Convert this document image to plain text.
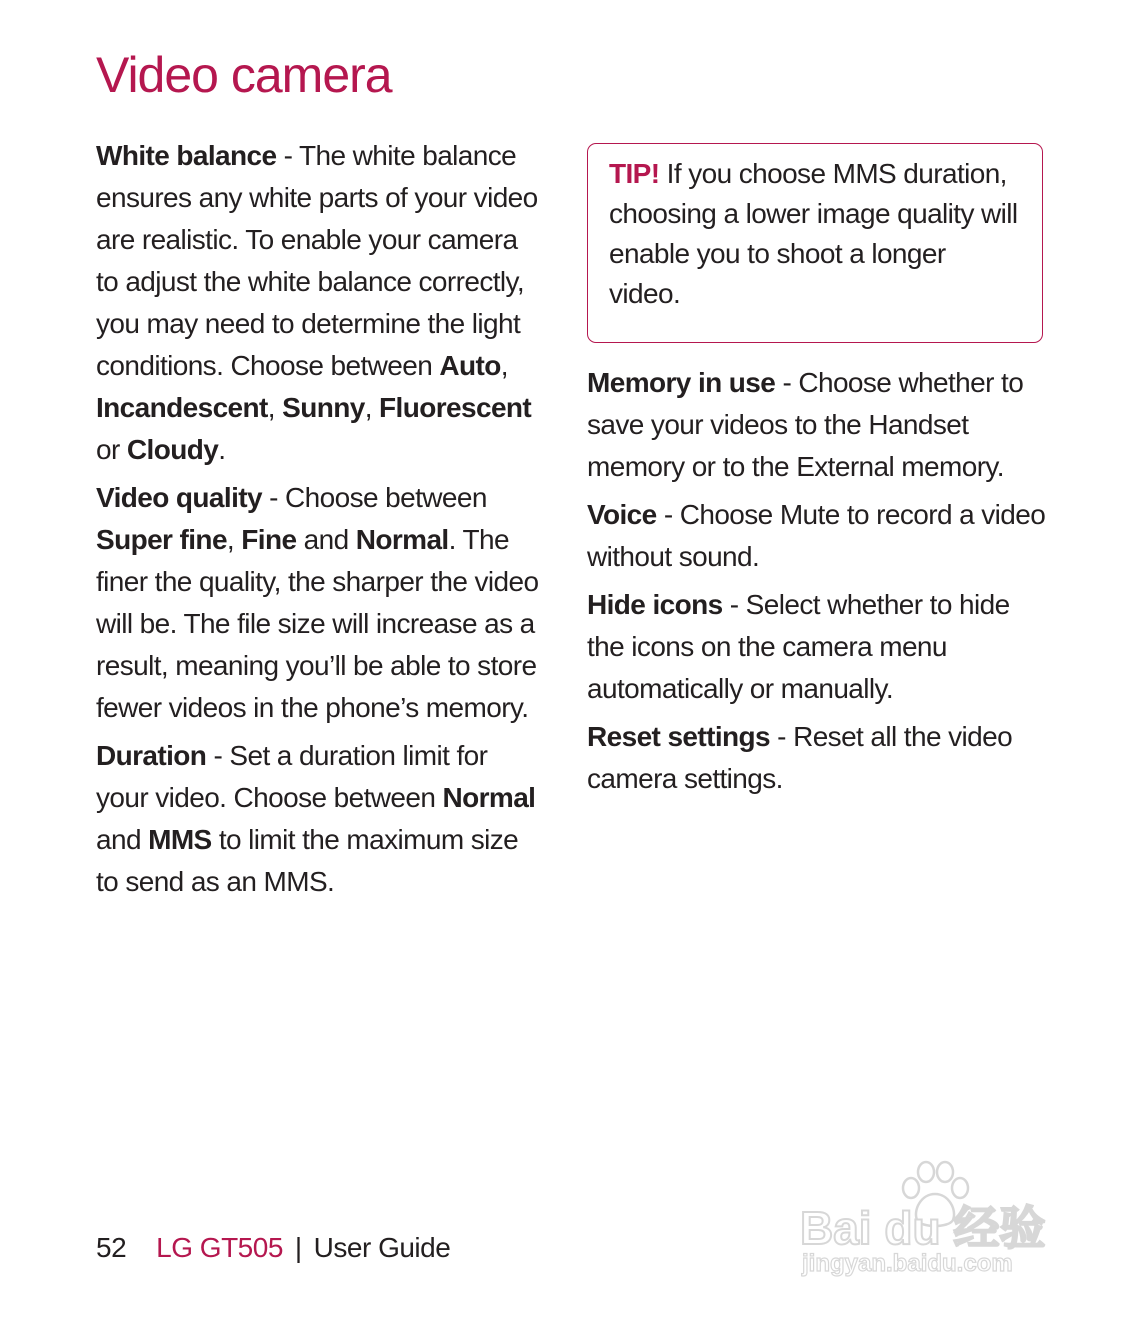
Video camera

White balance - The white balance ensures any white parts of your video are realistic. To enable your camera to adjust the white balance correctly, you may need to determine the light conditions. Choose between Auto, Incandescent, Sunny, Fluorescent or Cloudy.

Video quality - Choose between Super fine, Fine and Normal. The finer the quality, the sharper the video will be. The file size will increase as a result, meaning you’ll be able to store fewer videos in the phone’s memory.

Duration - Set a duration limit for your video. Choose between Normal and MMS to limit the maximum size to send as an MMS.

TIP! If you choose MMS duration, choosing a lower image quality will enable you to shoot a longer video.

Memory in use - Choose whether to save your videos to the Handset memory or to the External memory.

Voice - Choose Mute to record a video without sound.

Hide icons - Select whether to hide the icons on the camera menu automatically or manually.

Reset settings - Reset all the video camera settings.

52 LG GT505 | User Guide	Bai du 经验
jingyan.baidu.com
